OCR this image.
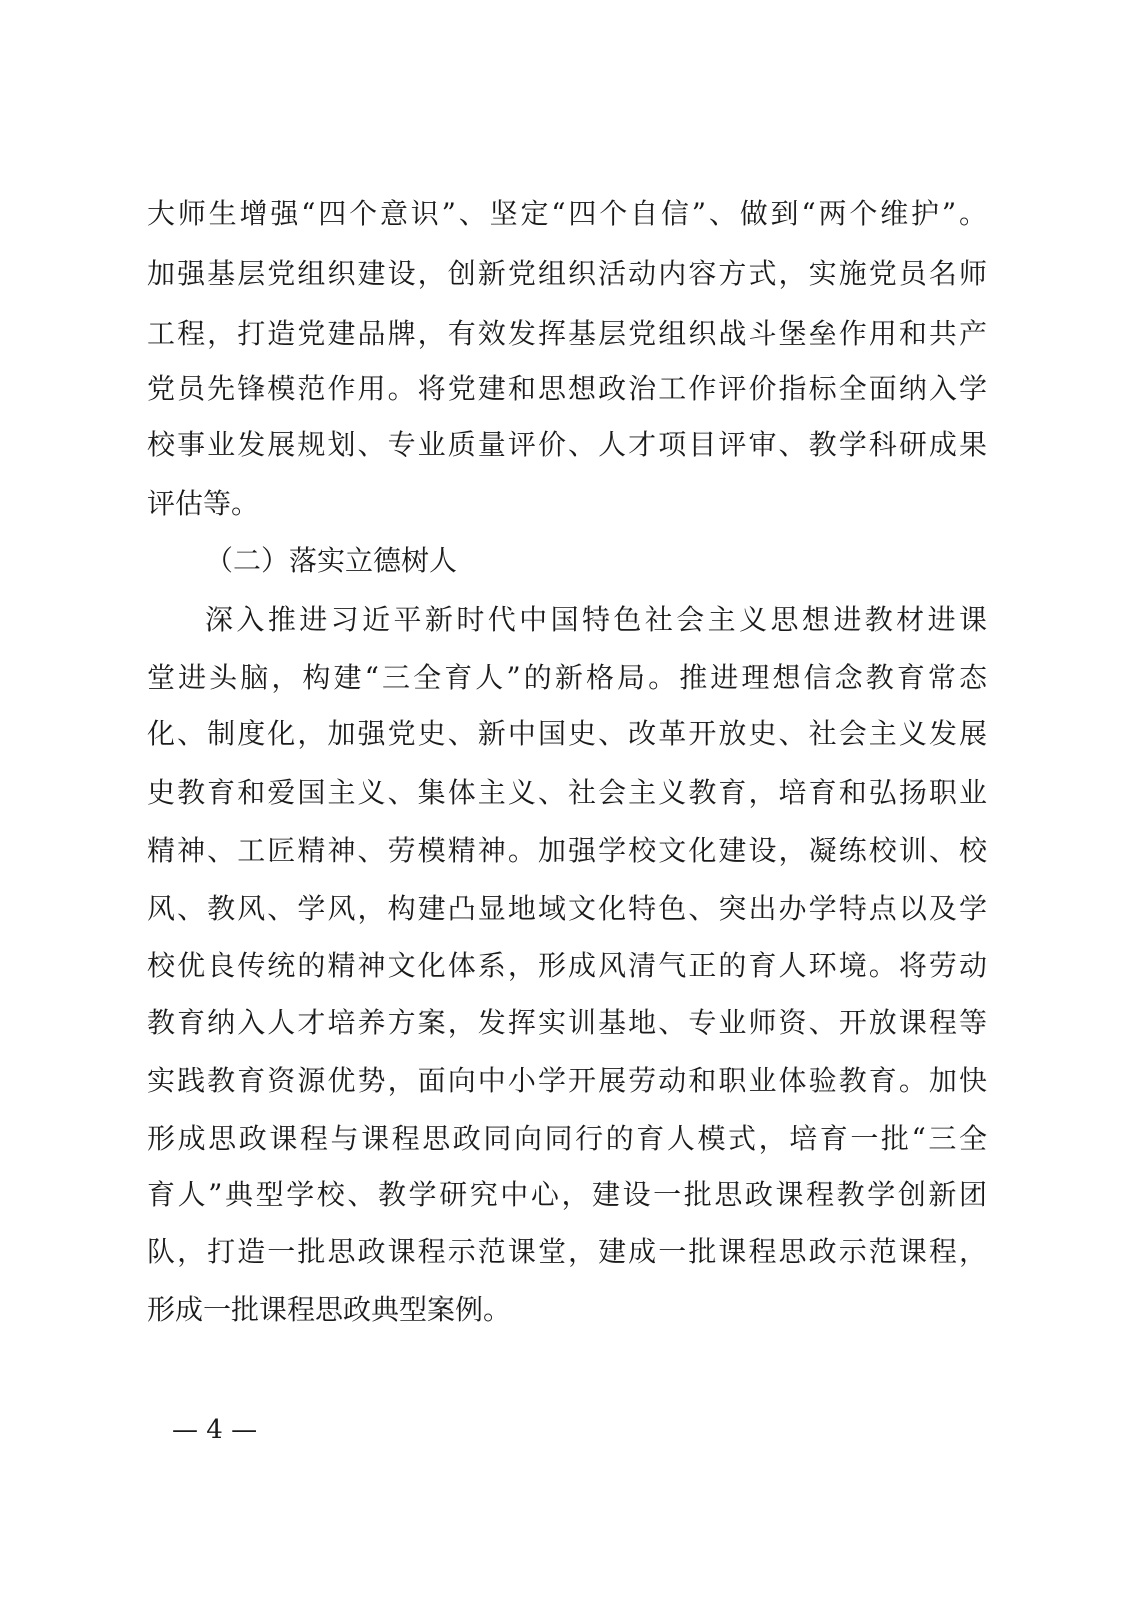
大师生增强“四个意识”、坚定“四个自信”、做到“两个维护”。
加强基层党组织建设，创新党组织活动内容方式，实施党员名师
工程，打造党建品牌，有效发挥基层党组织战斗堡垒作用和共产
党员先锋模范作用。将党建和思想政治工作评价指标全面纳入学
校事业发展规划、专业质量评价、人才项目评审、教学科研成果
评估等。
（二）落实立德树人
深入推进习近平新时代中国特色社会主义思想进教材进课
堂进头脑，构建“三全育人”的新格局。推进理想信念教育常态
化、制度化，加强党史、新中国史、改革开放史、社会主义发展
史教育和爱国主义、集体主义、社会主义教育，培育和弘扬职业
精神、工匠精神、劳模精神。加强学校文化建设，凝练校训、校
风、教风、学风，构建凸显地域文化特色、突出办学特点以及学
校优良传统的精神文化体系，形成风清气正的育人环境。将劳动
教育纳入人才培养方案，发挥实训基地、专业师资、开放课程等
实践教育资源优势，面向中小学开展劳动和职业体验教育。加快
形成思政课程与课程思政同向同行的育人模式，培育一批“三全
育人”典型学校、教学研究中心，建设一批思政课程教学创新团
队，打造一批思政课程示范课堂，建成一批课程思政示范课程，
形成一批课程思政典型案例。
— 4 —
